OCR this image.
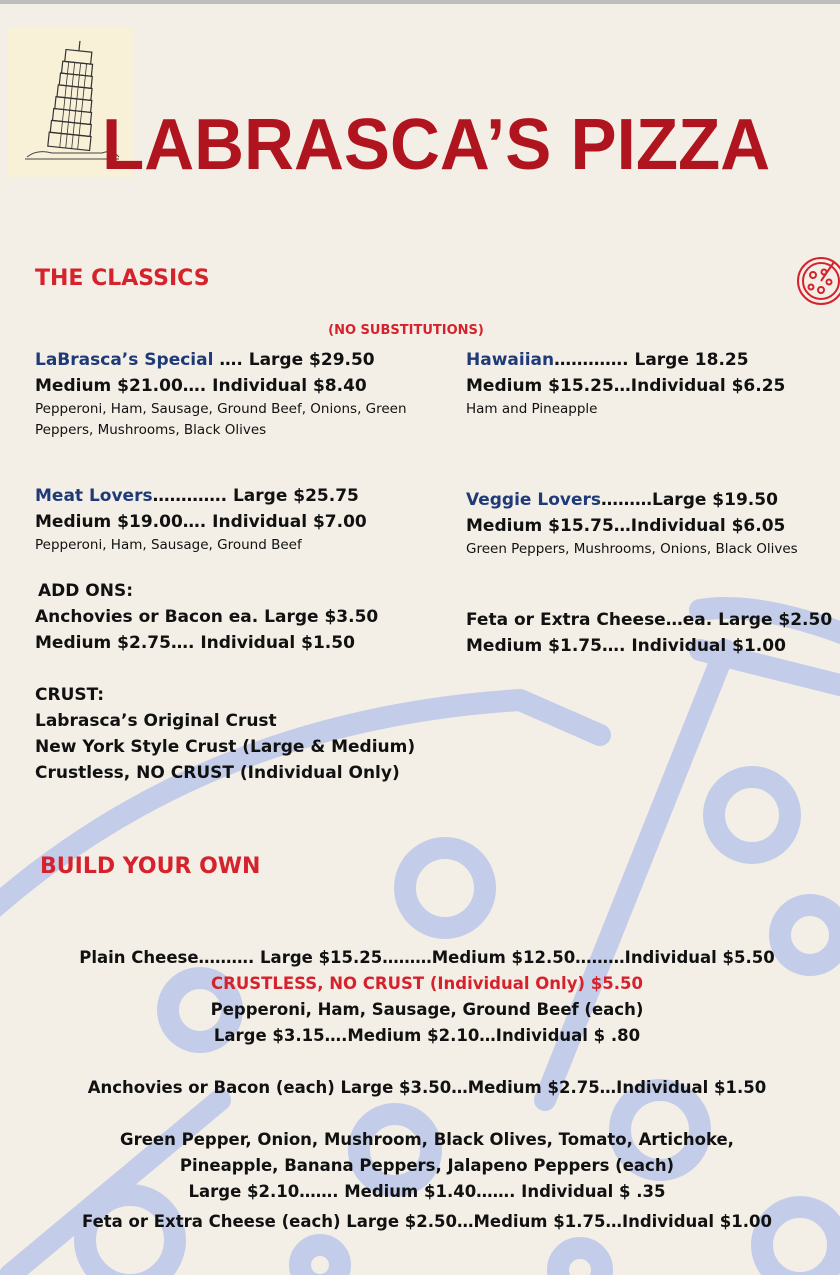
LABRASCA’S PIZZA
THE CLASSICS
(NO SUBSTITUTIONS)
LaBrasca’s Special …. Large $29.50
Medium $21.00…. Individual $8.40
Pepperoni, Ham, Sausage, Ground Beef, Onions, Green Peppers, Mushrooms, Black Olives
Hawaiian…………. Large 18.25
Medium $15.25…Individual $6.25
Ham and Pineapple
Meat Lovers…………. Large $25.75
Medium $19.00…. Individual $7.00
Pepperoni, Ham, Sausage, Ground Beef
Veggie Lovers………Large $19.50
Medium $15.75…Individual $6.05
Green Peppers, Mushrooms, Onions, Black Olives
ADD ONS:
Anchovies or Bacon ea. Large $3.50
Medium $2.75…. Individual $1.50
Feta or Extra Cheese…ea. Large $2.50
Medium $1.75…. Individual $1.00
CRUST:
Labrasca’s Original Crust
New York Style Crust (Large & Medium)
Crustless, NO CRUST (Individual Only)
BUILD YOUR OWN
Plain Cheese………. Large $15.25………Medium $12.50………Individual $5.50
CRUSTLESS, NO CRUST (Individual Only) $5.50
Pepperoni, Ham, Sausage, Ground Beef (each)
Large $3.15….Medium $2.10…Individual $ .80
Anchovies or Bacon (each) Large $3.50…Medium $2.75…Individual $1.50
Green Pepper, Onion, Mushroom, Black Olives, Tomato, Artichoke,
Pineapple, Banana Peppers, Jalapeno Peppers (each)
Large $2.10……. Medium $1.40……. Individual $ .35
Feta or Extra Cheese (each) Large $2.50…Medium $1.75…Individual $1.00
